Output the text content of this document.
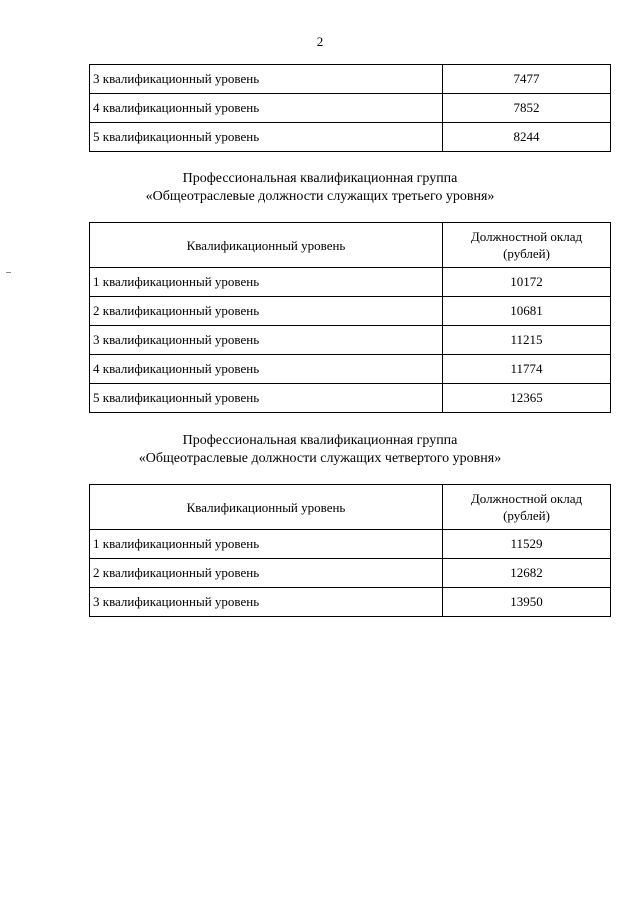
2
3 квалификационный уровень	7477
4 квалификационный уровень	7852
5 квалификационный уровень	8244
Профессиональная квалификационная группа
«Общеотраслевые должности служащих третьего уровня»
Квалификационный уровень	Должностной оклад
(рублей)

1 квалификационный уровень	10172
2 квалификационный уровень	10681
3 квалификационный уровень	11215
4 квалификационный уровень	11774
5 квалификационный уровень	12365
Профессиональная квалификационная группа
«Общеотраслевые должности служащих четвертого уровня»
Квалификационный уровень	Должностной оклад
(рублей)

1 квалификационный уровень	11529
2 квалификационный уровень	12682
3 квалификационный уровень	13950
